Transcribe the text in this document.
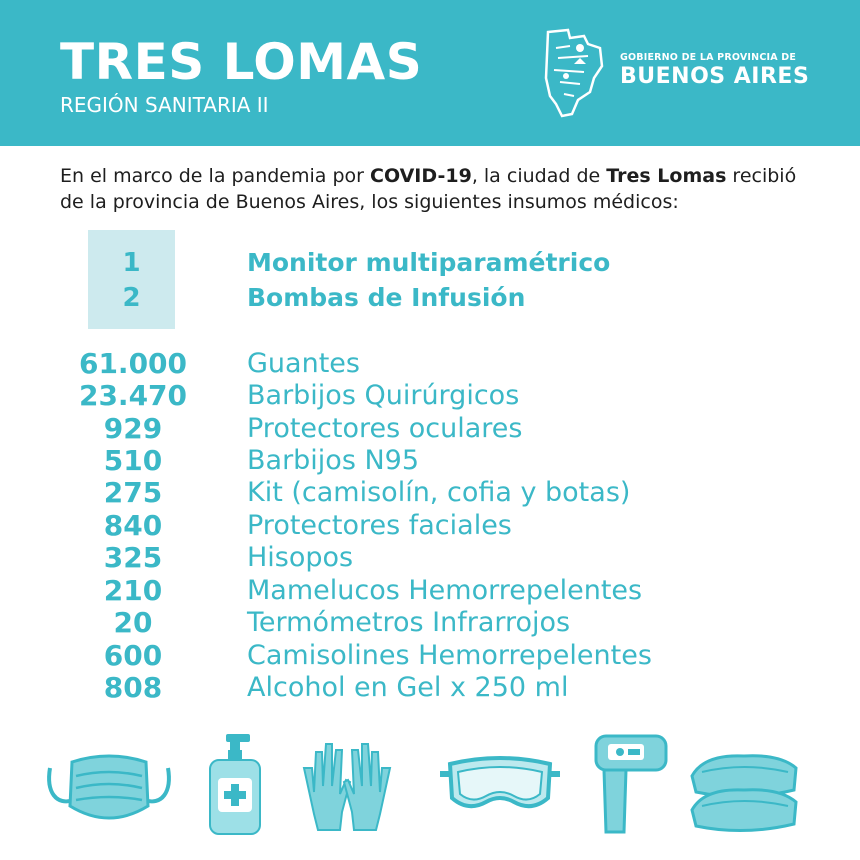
TRES LOMAS
REGIÓN SANITARIA II
GOBIERNO DE LA PROVINCIA DE
BUENOS AIRES
En el marco de la pandemia por COVID-19, la ciudad de Tres Lomas recibió de la provincia de Buenos Aires, los siguientes insumos médicos:
1	Monitor multiparamétrico
2	Bombas de Infusión
61.000	Guantes
23.470	Barbijos Quirúrgicos
929	Protectores oculares
510	Barbijos N95
275	Kit (camisolín, cofia y botas)
840	Protectores faciales
325	Hisopos
210	Mamelucos Hemorrepelentes
20	Termómetros Infrarrojos
600	Camisolines Hemorrepelentes
808	Alcohol en Gel x 250 ml
